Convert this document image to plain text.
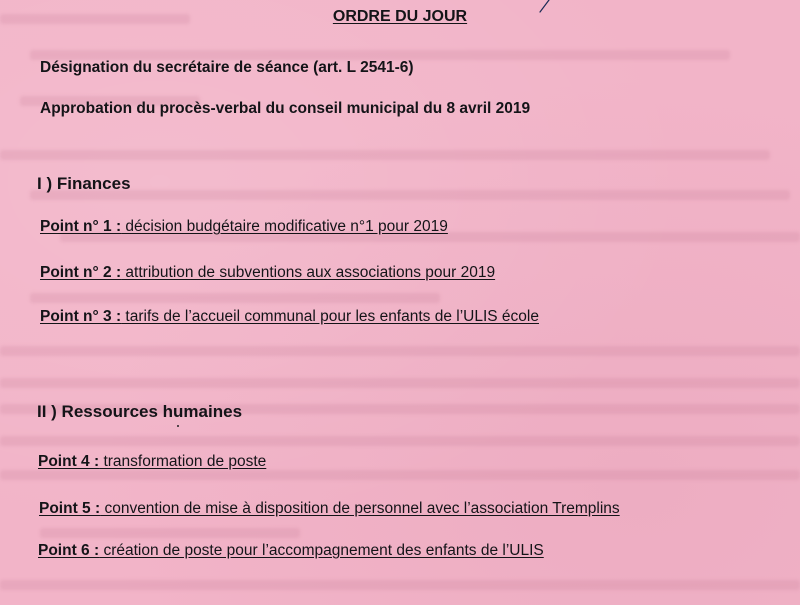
ORDRE DU JOUR
Désignation du secrétaire de séance (art. L 2541-6)
Approbation du procès-verbal du conseil municipal du 8 avril 2019
I ) Finances
Point n° 1 : décision budgétaire modificative n°1 pour 2019
Point n° 2 : attribution de subventions aux associations pour 2019
Point n° 3 : tarifs de l’accueil communal pour les enfants de l’ULIS école
II ) Ressources humaines
Point 4 : transformation de poste
Point 5 : convention de mise à disposition de personnel avec l’association Tremplins
Point 6 : création de poste pour l’accompagnement des enfants de l’ULIS
